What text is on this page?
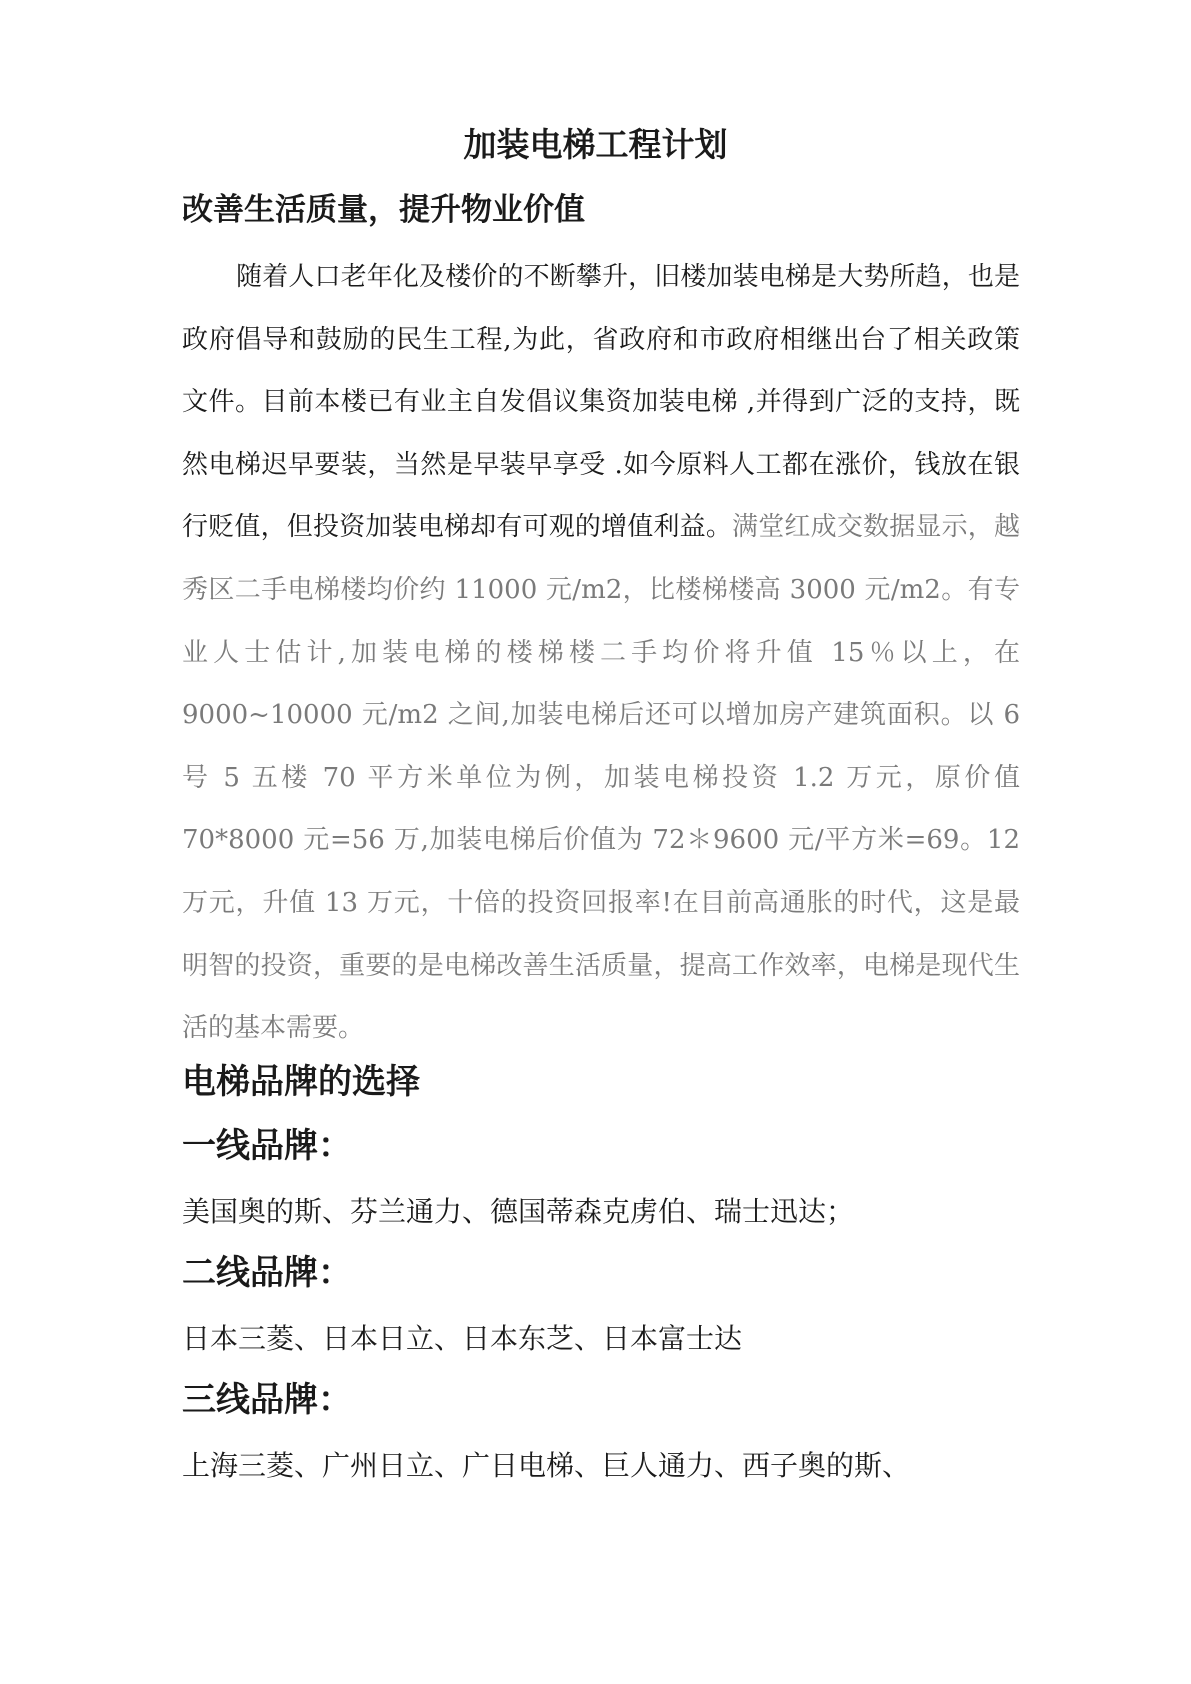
加装电梯工程计划
改善生活质量，提升物业价值

随着人口老年化及楼价的不断攀升，旧楼加装电梯是大势所趋，也是政府倡导和鼓励的民生工程,为此，省政府和市政府相继出台了相关政策文件。目前本楼已有业主自发倡议集资加装电梯 ,并得到广泛的支持，既然电梯迟早要装，当然是早装早享受 .如今原料人工都在涨价，钱放在银行贬值，但投资加装电梯却有可观的增值利益。满堂红成交数据显示，越秀区二手电梯楼均价约 11000 元/m2，比楼梯楼高 3000 元/m2。有专业人士估计,加装电梯的楼梯楼二手均价将升值 15％以上，在 9000~10000 元/m2 之间,加装电梯后还可以增加房产建筑面积。以 6 号 5 五楼 70 平方米单位为例，加装电梯投资 1.2 万元，原价值 70*8000 元=56 万,加装电梯后价值为 72＊9600 元/平方米=69。12 万元，升值 13 万元，十倍的投资回报率!在目前高通胀的时代，这是最明智的投资，重要的是电梯改善生活质量，提高工作效率，电梯是现代生活的基本需要。

电梯品牌的选择
一线品牌：
美国奥的斯、芬兰通力、德国蒂森克虏伯、瑞士迅达；
二线品牌：
日本三菱、日本日立、日本东芝、日本富士达
三线品牌：
上海三菱、广州日立、广日电梯、巨人通力、西子奥的斯、
